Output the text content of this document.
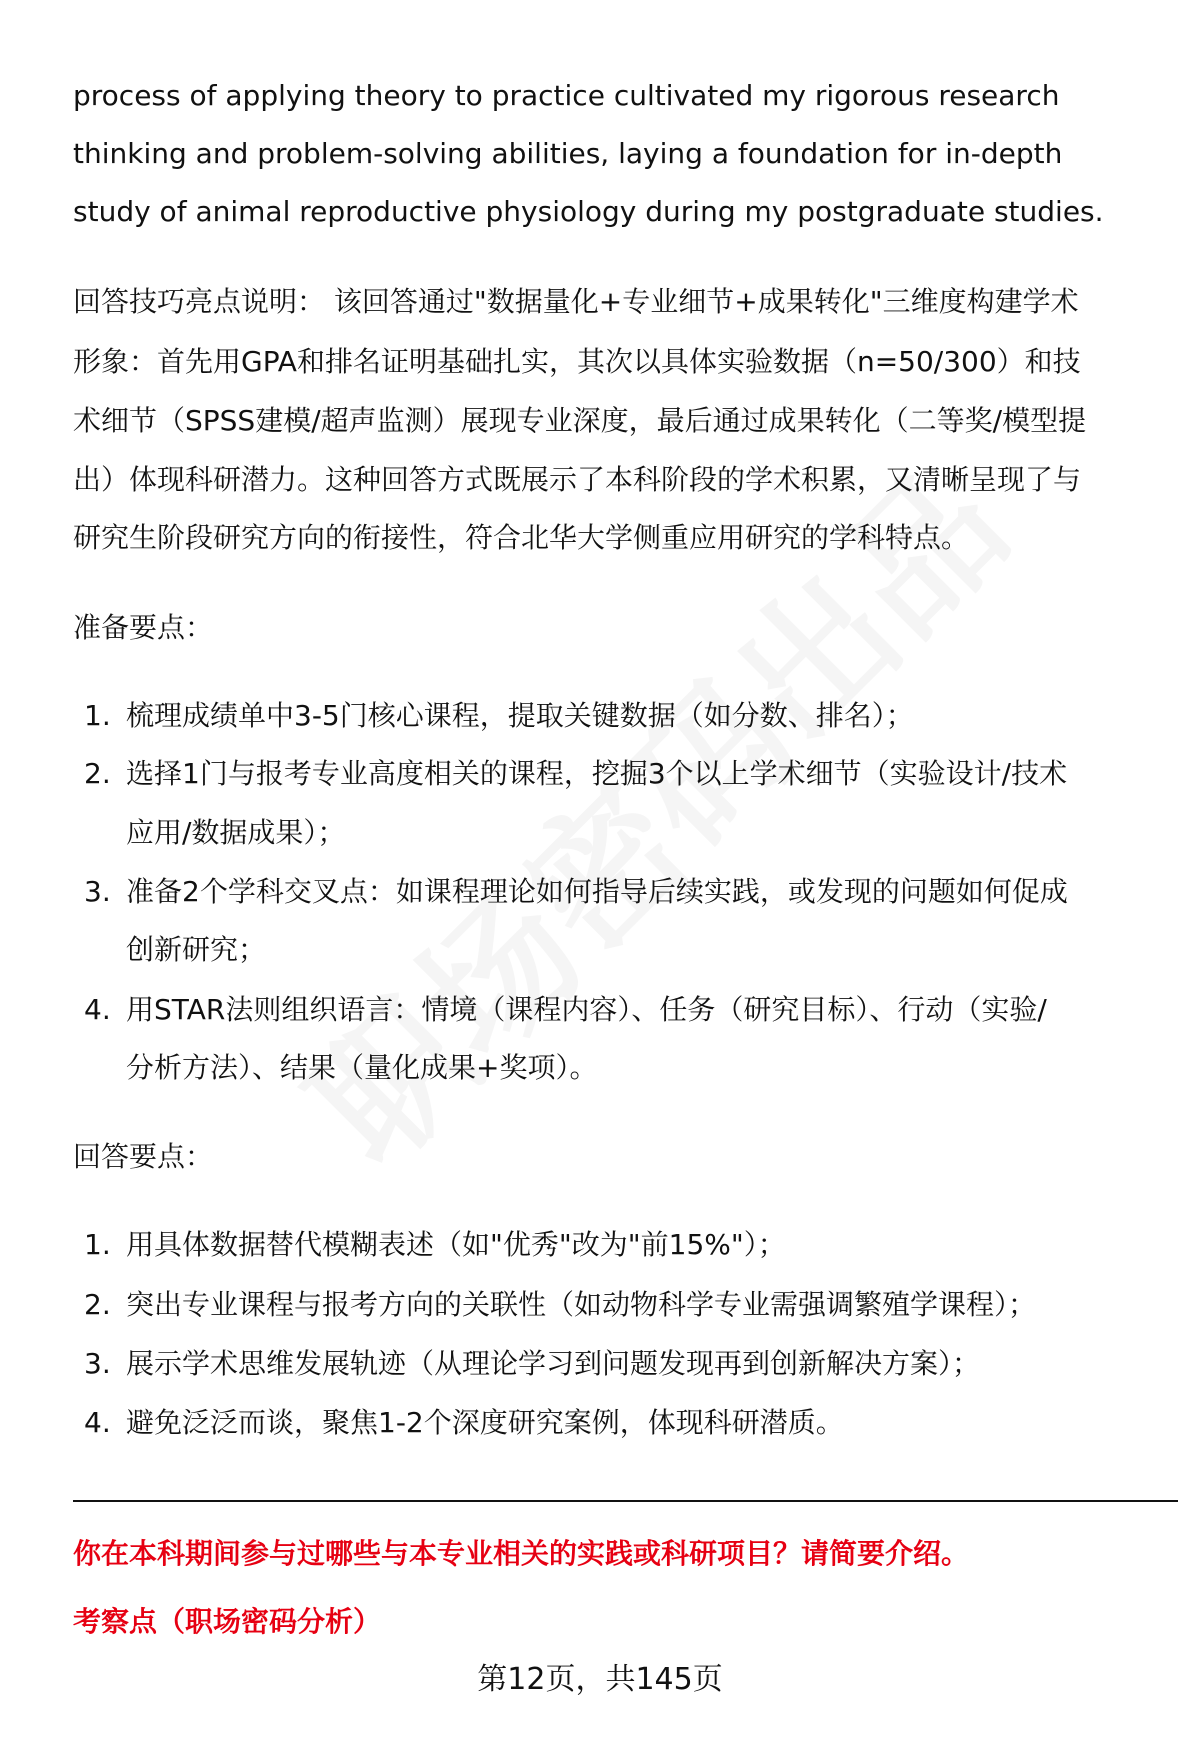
process of applying theory to practice cultivated my rigorous research
thinking and problem-solving abilities, laying a foundation for in-depth
study of animal reproductive physiology during my postgraduate studies.
回答技巧亮点说明： 该回答通过"数据量化+专业细节+成果转化"三维度构建学术
形象：首先用GPA和排名证明基础扎实，其次以具体实验数据（n=50/300）和技
术细节（SPSS建模/超声监测）展现专业深度，最后通过成果转化（二等奖/模型提
出）体现科研潜力。这种回答方式既展示了本科阶段的学术积累，又清晰呈现了与
研究生阶段研究方向的衔接性，符合北华大学侧重应用研究的学科特点。
准备要点：
1. 梳理成绩单中3-5门核心课程，提取关键数据（如分数、排名）；
2. 选择1门与报考专业高度相关的课程，挖掘3个以上学术细节（实验设计/技术
应用/数据成果）；
3. 准备2个学科交叉点：如课程理论如何指导后续实践，或发现的问题如何促成
创新研究；
4. 用STAR法则组织语言：情境（课程内容）、任务（研究目标）、行动（实验/
分析方法）、结果（量化成果+奖项）。
回答要点：
1. 用具体数据替代模糊表述（如"优秀"改为"前15%"）；
2. 突出专业课程与报考方向的关联性（如动物科学专业需强调繁殖学课程）；
3. 展示学术思维发展轨迹（从理论学习到问题发现再到创新解决方案）；
4. 避免泛泛而谈，聚焦1-2个深度研究案例，体现科研潜质。
你在本科期间参与过哪些与本专业相关的实践或科研项目？请简要介绍。
考察点（职场密码分析）
第12页，共145页
